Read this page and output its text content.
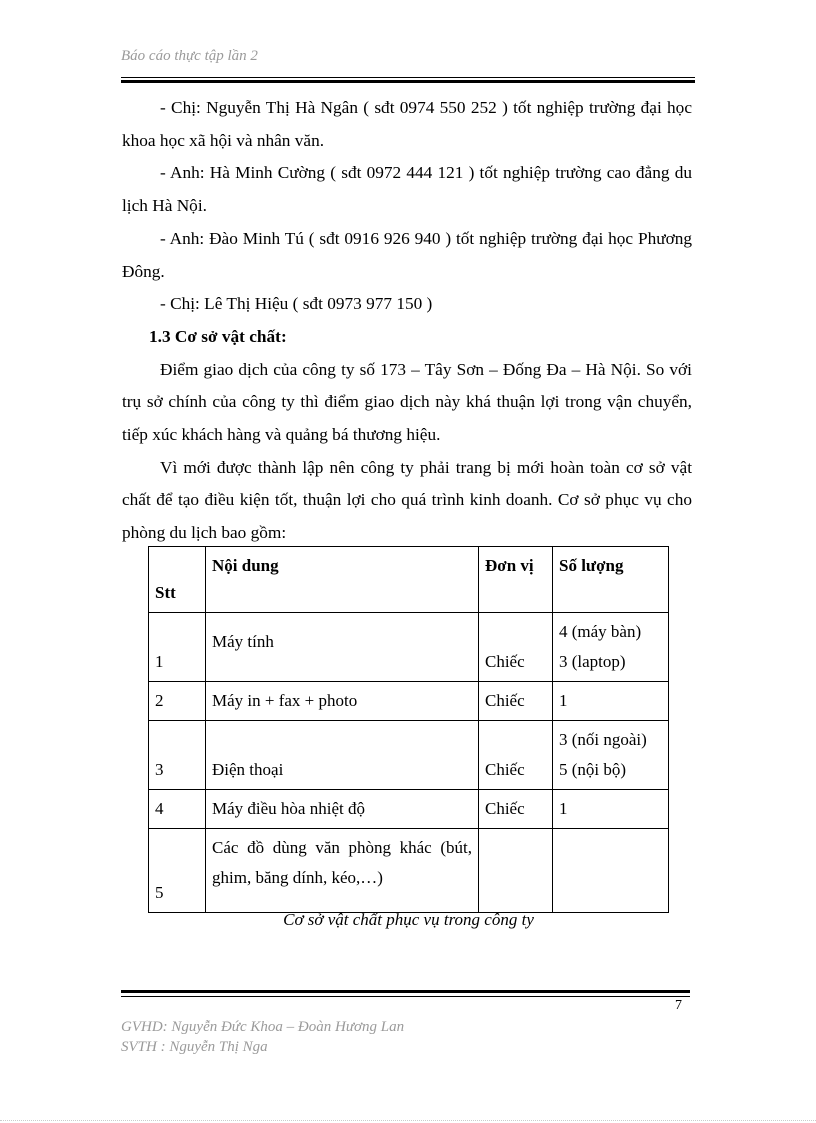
Báo cáo thực tập lần 2

- Chị: Nguyễn Thị Hà Ngân ( sđt 0974 550 252 ) tốt nghiệp trường đại học khoa học xã hội và nhân văn.

- Anh: Hà Minh Cường ( sđt 0972 444 121 ) tốt nghiệp trường cao đẳng du lịch Hà Nội.

- Anh: Đào Minh Tú ( sđt 0916 926 940 ) tốt nghiệp trường đại học Phương Đông.

- Chị: Lê Thị Hiệu ( sđt 0973 977 150 )

1.3 Cơ sở vật chất:

Điểm giao dịch của công ty số 173 – Tây Sơn – Đống Đa – Hà Nội. So với trụ sở chính của công ty thì điểm giao dịch này khá thuận lợi trong vận chuyển, tiếp xúc khách hàng và quảng bá thương hiệu.

Vì mới được thành lập nên công ty phải trang bị mới hoàn toàn cơ sở vật chất để tạo điều kiện tốt, thuận lợi cho quá trình kinh doanh. Cơ sở phục vụ cho phòng du lịch bao gồm:

Stt	Nội dung	Đơn vị	Số lượng
1	Máy tính	Chiếc	4 (máy bàn)
3 (laptop)

2	Máy in + fax + photo	Chiếc	1
3	Điện thoại	Chiếc	3 (nối ngoài)
5 (nội bộ)

4	Máy điều hòa nhiệt độ	Chiếc	1
5	Các đồ dùng văn phòng khác (bút, ghim, băng dính, kéo,…)		
Cơ sở vật chất phục vụ trong công ty
7
GVHD: Nguyễn Đức Khoa – Đoàn Hương Lan
SVTH : Nguyễn Thị Nga
